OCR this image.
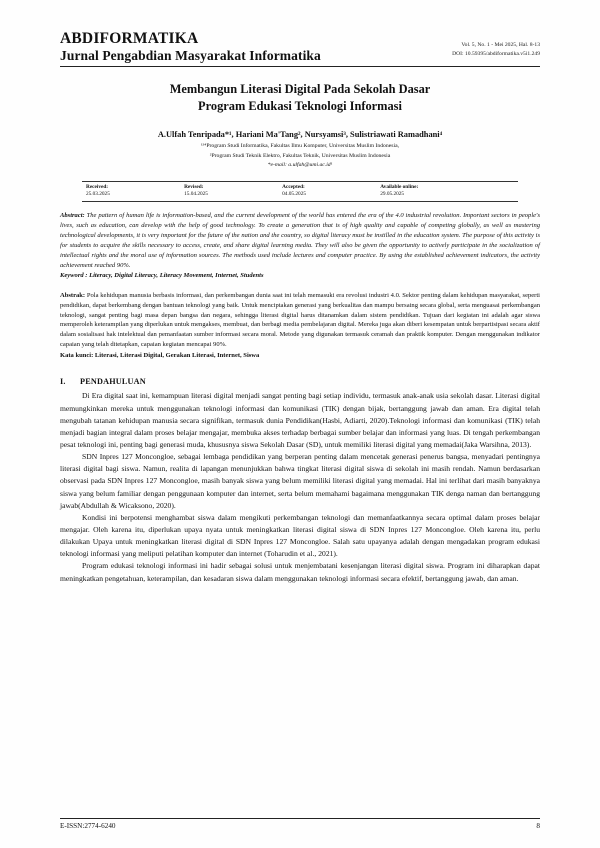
ABDIFORMATIKA
Jurnal Pengabdian Masyarakat Informatika
Vol. 5, No. 1 - Mei 2025, Hal. 8-13
DOI: 10.59395/abdiformatika.v5i1.249
Membangun Literasi Digital Pada Sekolah Dasar
Program Edukasi Teknologi Informasi
A.Ulfah Tenripada*¹, Hariani Ma'Tang², Nursyamsi³, Sulistriawati Ramadhani⁴
¹³⁴Program Studi Informatika, Fakultas Ilmu Komputer, Universitas Muslim Indonesia,
²Program Studi Teknik Elektro, Fakultas Teknik, Universitas Muslim Indonesia
*e-mail: a.ulfah@umi.ac.id¹
Received:
25.03.2025

Revised:
15.04.2025

Accepted:
04.05.2025

Available online:
29.05.2025
Abstract: The pattern of human life is information-based, and the current development of the world has entered the era of the 4.0 industrial revolution. Important sectors in people's lives, such as education, can develop with the help of good technology. To create a generation that is of high quality and capable of competing globally, as well as mastering technological developments, it is very important for the future of the nation and the country, so digital literacy must be instilled in the education system. The purpose of this activity is for students to acquire the skills necessary to access, create, and share digital learning media. They will also be given the opportunity to actively participate in the socialization of intellectual rights and the moral use of information sources. The methods used include lectures and computer practice. By using the established achievement indicators, the activity achievement reached 90%.
Keyword : Literacy, Digital Literacy, Literacy Movement, Internet, Students
Abstrak: Pola kehidupan manusia berbasis informasi, dan perkembangan dunia saat ini telah memasuki era revolusi industri 4.0. Sektor penting dalam kehidupan masyarakat, seperti pendidikan, dapat berkembang dengan bantuan teknologi yang baik. Untuk menciptakan generasi yang berkualitas dan mampu bersaing secara global, serta menguasai perkembangan teknologi, sangat penting bagi masa depan bangsa dan negara, sehingga literasi digital harus ditanamkan dalam sistem pendidikan. Tujuan dari kegiatan ini adalah agar siswa memperoleh keterampilan yang diperlukan untuk mengakses, membuat, dan berbagi media pembelajaran digital. Mereka juga akan diberi kesempatan untuk berpartisipasi secara aktif dalam sosialisasi hak intelektual dan pemanfaatan sumber informasi secara moral. Metode yang digunakan termasuk ceramah dan praktik komputer. Dengan menggunakan indikator capaian yang telah ditetapkan, capaian kegiatan mencapai 90%.
Kata kunci: Literasi, Literasi Digital, Gerakan Literasi, Internet, Siswa
I.	PENDAHULUAN

Di Era digital saat ini, kemampuan literasi digital menjadi sangat penting bagi setiap individu, termasuk anak-anak usia sekolah dasar. Literasi digital memungkinkan mereka untuk menggunakan teknologi informasi dan komunikasi (TIK) dengan bijak, bertanggung jawab dan aman. Era digital telah mengubah tatanan kehidupan manusia secara signifikan, termasuk dunia Pendidikan(Hasbi, Adiarti, 2020).Teknologi informasi dan komunikasi (TIK) telah menjadi bagian integral dalam proses belajar mengajar, membuka akses terhadap berbagai sumber belajar dan informasi yang luas. Di tengah perkembangan pesat teknologi ini, penting bagi generasi muda, khususnya siswa Sekolah Dasar (SD), untuk memiliki literasi digital yang memadai(Jaka Warsihna, 2013).

SDN Inpres 127 Moncongloe, sebagai lembaga pendidikan yang berperan penting dalam mencetak generasi penerus bangsa, menyadari pentingnya literasi digital bagi siswa. Namun, realita di lapangan menunjukkan bahwa tingkat literasi digital siswa di sekolah ini masih rendah. Namun berdasarkan observasi pada SDN Inpres 127 Moncongloe, masih banyak siswa yang belum memiliki literasi digital yang memadai. Hal ini terlihat dari masih banyaknya siswa yang belum familiar dengan penggunaan komputer dan internet, serta belum memahami bagaimana menggunakan TIK denga naman dan bertanggung jawab(Abdullah & Wicaksono, 2020).

Kondisi ini berpotensi menghambat siswa dalam mengikuti perkembangan teknologi dan memanfaatkannya secara optimal dalam proses belajar mengajar. Oleh karena itu, diperlukan upaya nyata untuk meningkatkan literasi digital siswa di SDN Inpres 127 Moncongloe. Oleh karena itu, perlu dilakukan Upaya untuk meningkatkan literasi digital di SDN Inpres 127 Moncongloe. Salah satu upayanya adalah dengan mengadakan program edukasi teknologi informasi yang meliputi pelatihan komputer dan internet (Toharudin et al., 2021).

Program edukasi teknologi informasi ini hadir sebagai solusi untuk menjembatani kesenjangan literasi digital siswa. Program ini diharapkan dapat meningkatkan pengetahuan, keterampilan, dan kesadaran siswa dalam menggunakan teknologi informasi secara efektif, bertanggung jawab, dan aman.

E-ISSN:2774-6240	8
